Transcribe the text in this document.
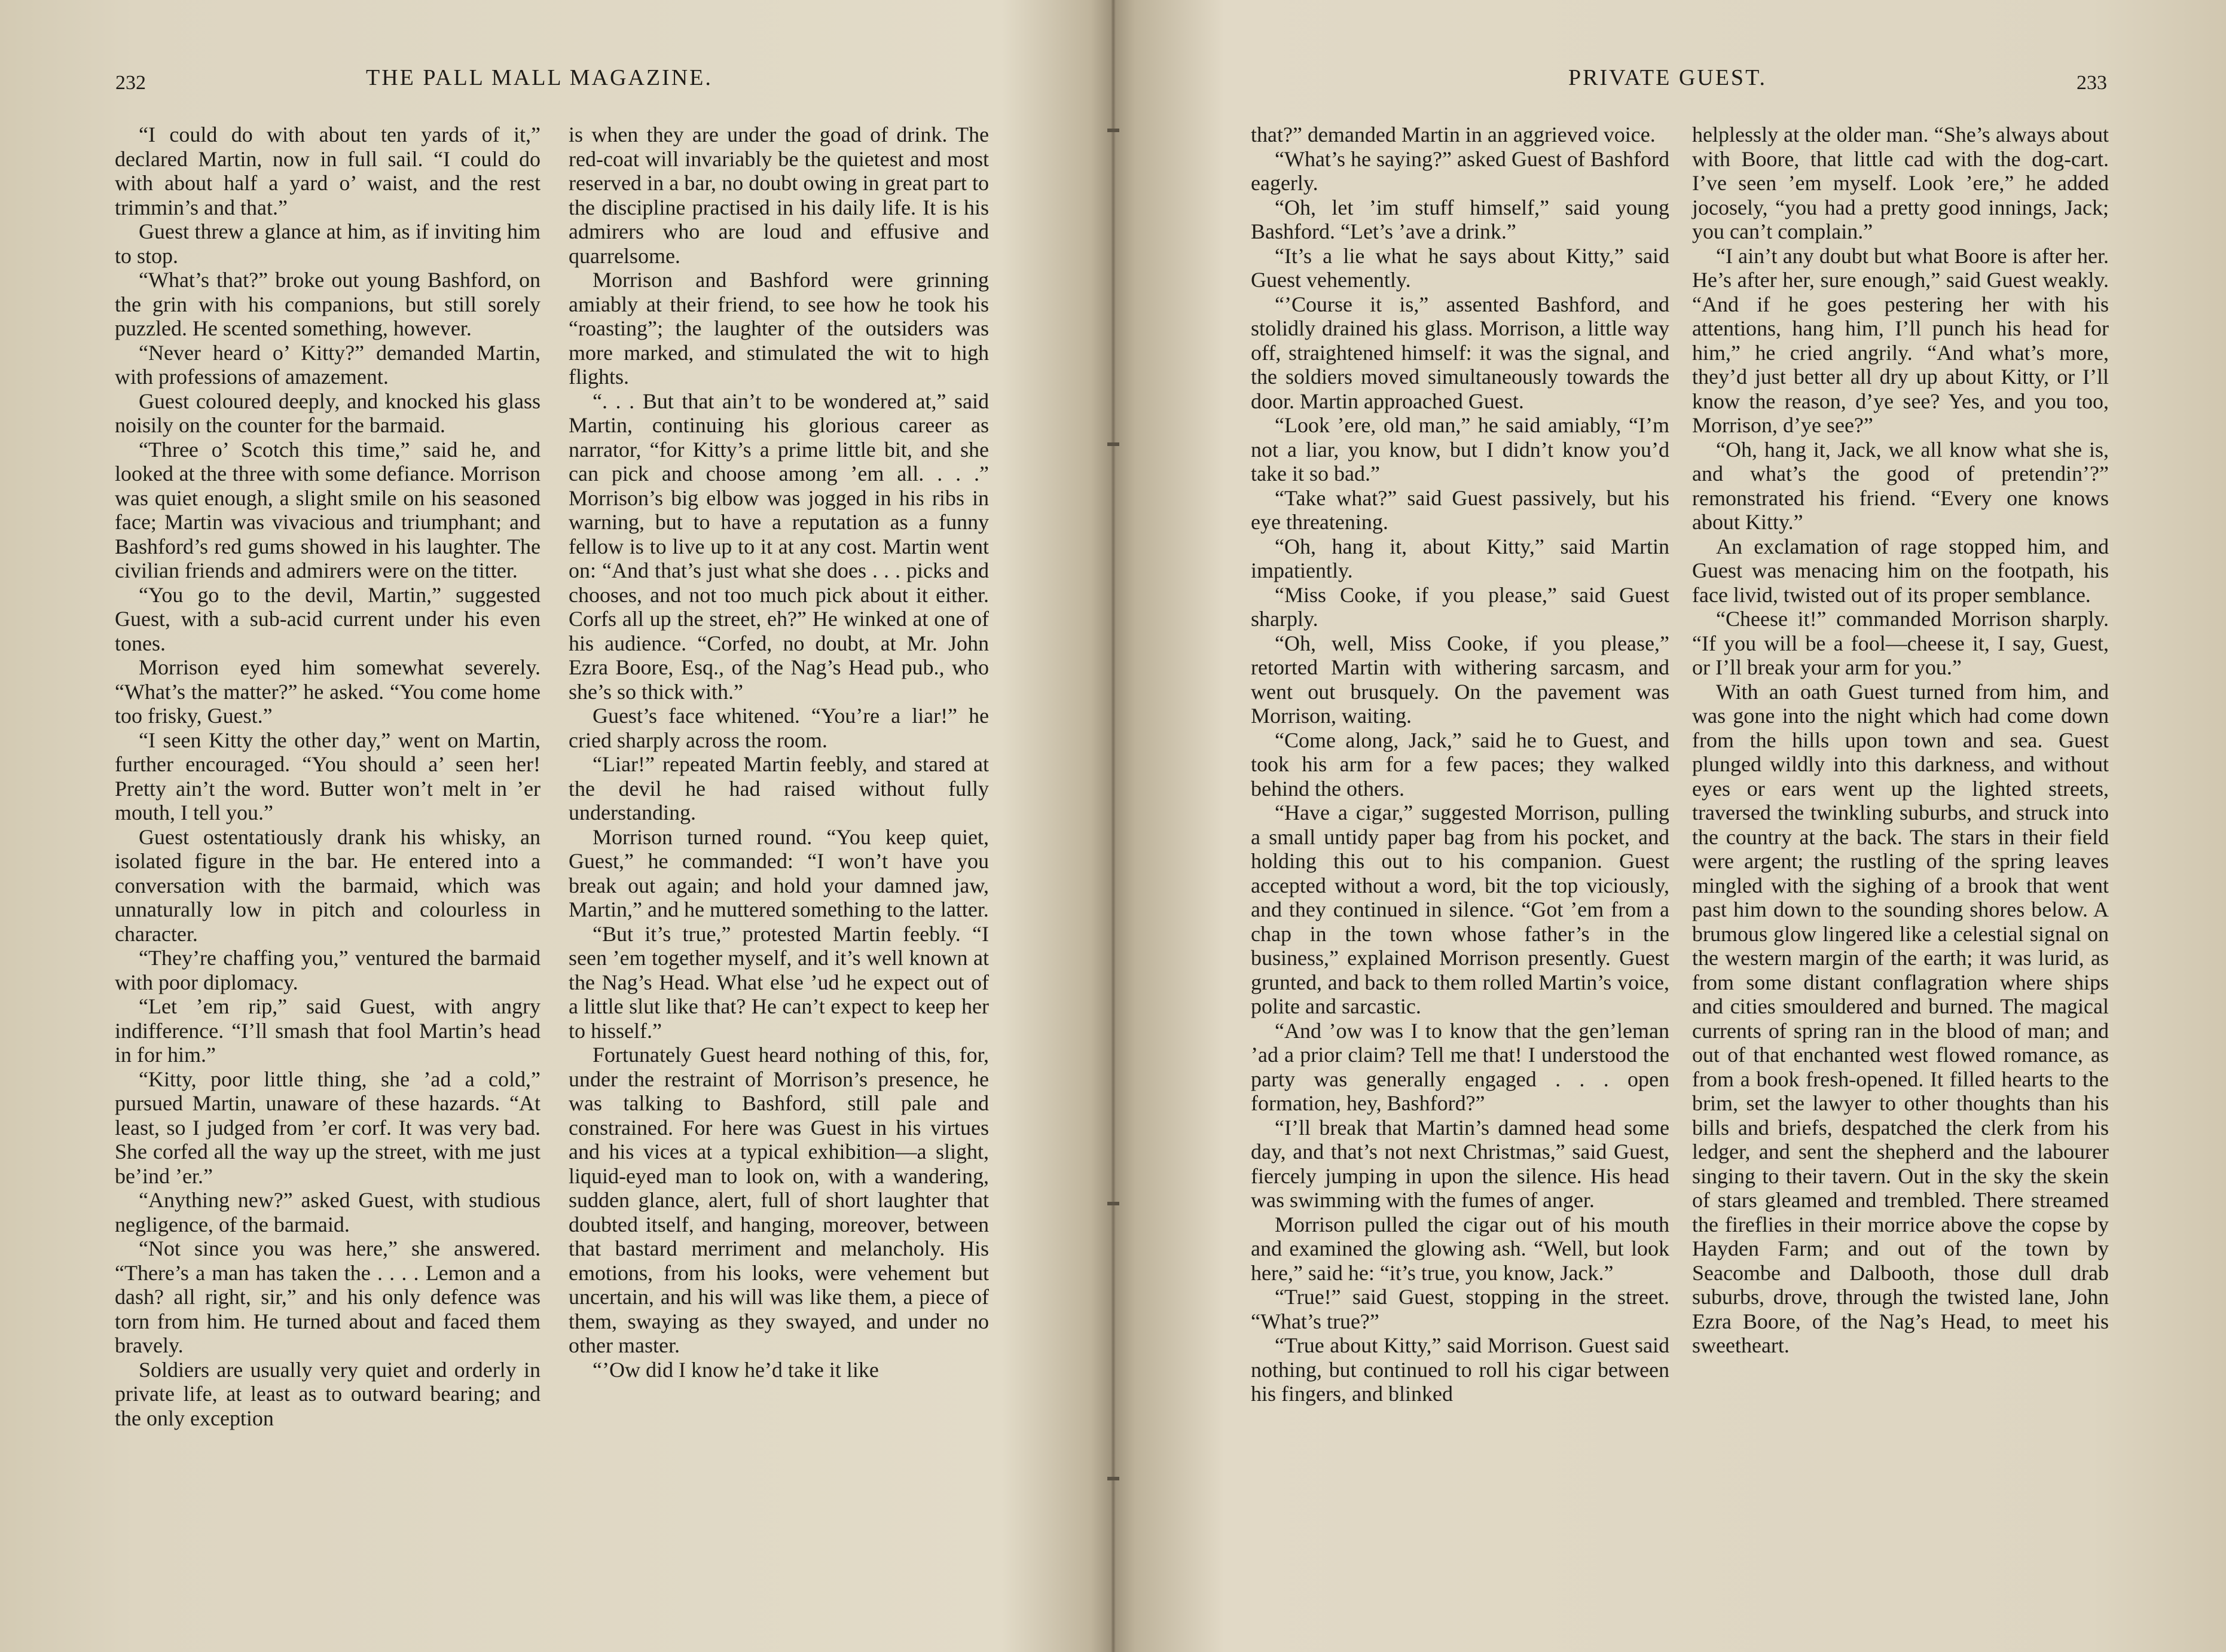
232	THE PALL MALL MAGAZINE.

“I could do with about ten yards of it,” declared Martin, now in full sail. “I could do with about half a yard o’ waist, and the rest trimmin’s and that.”

Guest threw a glance at him, as if inviting him to stop.

“What’s that?” broke out young Bashford, on the grin with his companions, but still sorely puzzled. He scented something, however.

“Never heard o’ Kitty?” demanded Martin, with professions of amazement.

Guest coloured deeply, and knocked his glass noisily on the counter for the barmaid.

“Three o’ Scotch this time,” said he, and looked at the three with some defiance. Morrison was quiet enough, a slight smile on his seasoned face; Martin was vivacious and triumphant; and Bashford’s red gums showed in his laughter. The civilian friends and admirers were on the titter.

“You go to the devil, Martin,” suggested Guest, with a sub-acid current under his even tones.

Morrison eyed him somewhat severely. “What’s the matter?” he asked. “You come home too frisky, Guest.”

“I seen Kitty the other day,” went on Martin, further encouraged. “You should a’ seen her! Pretty ain’t the word. Butter won’t melt in ’er mouth, I tell you.”

Guest ostentatiously drank his whisky, an isolated figure in the bar. He entered into a conversation with the barmaid, which was unnaturally low in pitch and colourless in character.

“They’re chaffing you,” ventured the barmaid with poor diplomacy.

“Let ’em rip,” said Guest, with angry indifference. “I’ll smash that fool Martin’s head in for him.”

“Kitty, poor little thing, she ’ad a cold,” pursued Martin, unaware of these hazards. “At least, so I judged from ’er corf. It was very bad. She corfed all the way up the street, with me just be’ind ’er.”

“Anything new?” asked Guest, with studious negligence, of the barmaid.

“Not since you was here,” she answered. “There’s a man has taken the . . . . Lemon and a dash? all right, sir,” and his only defence was torn from him. He turned about and faced them bravely.

Soldiers are usually very quiet and orderly in private life, at least as to outward bearing; and the only exception

is when they are under the goad of drink. The red-coat will invariably be the quietest and most reserved in a bar, no doubt owing in great part to the discipline practised in his daily life. It is his admirers who are loud and effusive and quarrelsome.

Morrison and Bashford were grinning amiably at their friend, to see how he took his “roasting”; the laughter of the outsiders was more marked, and stimulated the wit to high flights.

“. . . But that ain’t to be wondered at,” said Martin, continuing his glorious career as narrator, “for Kitty’s a prime little bit, and she can pick and choose among ’em all. . . .” Morrison’s big elbow was jogged in his ribs in warning, but to have a reputation as a funny fellow is to live up to it at any cost. Martin went on: “And that’s just what she does . . . picks and chooses, and not too much pick about it either. Corfs all up the street, eh?” He winked at one of his audience. “Corfed, no doubt, at Mr. John Ezra Boore, Esq., of the Nag’s Head pub., who she’s so thick with.”

Guest’s face whitened. “You’re a liar!” he cried sharply across the room.

“Liar!” repeated Martin feebly, and stared at the devil he had raised without fully understanding.

Morrison turned round. “You keep quiet, Guest,” he commanded: “I won’t have you break out again; and hold your damned jaw, Martin,” and he muttered something to the latter.

“But it’s true,” protested Martin feebly. “I seen ’em together myself, and it’s well known at the Nag’s Head. What else ’ud he expect out of a little slut like that? He can’t expect to keep her to hisself.”

Fortunately Guest heard nothing of this, for, under the restraint of Morrison’s presence, he was talking to Bashford, still pale and constrained. For here was Guest in his virtues and his vices at a typical exhibition—a slight, liquid-eyed man to look on, with a wandering, sudden glance, alert, full of short laughter that doubted itself, and hanging, moreover, between that bastard merriment and melancholy. His emotions, from his looks, were vehement but uncertain, and his will was like them, a piece of them, swaying as they swayed, and under no other master.

“’Ow did I know he’d take it like

233
PRIVATE GUEST.

that?” demanded Martin in an aggrieved voice.

“What’s he saying?” asked Guest of Bashford eagerly.

“Oh, let ’im stuff himself,” said young Bashford. “Let’s ’ave a drink.”

“It’s a lie what he says about Kitty,” said Guest vehemently.

“’Course it is,” assented Bashford, and stolidly drained his glass. Morrison, a little way off, straightened himself: it was the signal, and the soldiers moved simultaneously towards the door. Martin approached Guest.

“Look ’ere, old man,” he said amiably, “I’m not a liar, you know, but I didn’t know you’d take it so bad.”

“Take what?” said Guest passively, but his eye threatening.

“Oh, hang it, about Kitty,” said Martin impatiently.

“Miss Cooke, if you please,” said Guest sharply.

“Oh, well, Miss Cooke, if you please,” retorted Martin with withering sarcasm, and went out brusquely. On the pavement was Morrison, waiting.

“Come along, Jack,” said he to Guest, and took his arm for a few paces; they walked behind the others.

“Have a cigar,” suggested Morrison, pulling a small untidy paper bag from his pocket, and holding this out to his companion. Guest accepted without a word, bit the top viciously, and they continued in silence. “Got ’em from a chap in the town whose father’s in the business,” explained Morrison presently. Guest grunted, and back to them rolled Martin’s voice, polite and sarcastic.

“And ’ow was I to know that the gen’leman ’ad a prior claim? Tell me that! I understood the party was generally engaged . . . open formation, hey, Bashford?”

“I’ll break that Martin’s damned head some day, and that’s not next Christmas,” said Guest, fiercely jumping in upon the silence. His head was swimming with the fumes of anger.

Morrison pulled the cigar out of his mouth and examined the glowing ash. “Well, but look here,” said he: “it’s true, you know, Jack.”

“True!” said Guest, stopping in the street. “What’s true?”

“True about Kitty,” said Morrison. Guest said nothing, but continued to roll his cigar between his fingers, and blinked

helplessly at the older man. “She’s always about with Boore, that little cad with the dog-cart. I’ve seen ’em myself. Look ’ere,” he added jocosely, “you had a pretty good innings, Jack; you can’t complain.”

“I ain’t any doubt but what Boore is after her. He’s after her, sure enough,” said Guest weakly. “And if he goes pestering her with his attentions, hang him, I’ll punch his head for him,” he cried angrily. “And what’s more, they’d just better all dry up about Kitty, or I’ll know the reason, d’ye see? Yes, and you too, Morrison, d’ye see?”

“Oh, hang it, Jack, we all know what she is, and what’s the good of pretendin’?” remonstrated his friend. “Every one knows about Kitty.”

An exclamation of rage stopped him, and Guest was menacing him on the footpath, his face livid, twisted out of its proper semblance.

“Cheese it!” commanded Morrison sharply. “If you will be a fool—cheese it, I say, Guest, or I’ll break your arm for you.”

With an oath Guest turned from him, and was gone into the night which had come down from the hills upon town and sea. Guest plunged wildly into this darkness, and without eyes or ears went up the lighted streets, traversed the twinkling suburbs, and struck into the country at the back. The stars in their field were argent; the rustling of the spring leaves mingled with the sighing of a brook that went past him down to the sounding shores below. A brumous glow lingered like a celestial signal on the western margin of the earth; it was lurid, as from some distant conflagration where ships and cities smouldered and burned. The magical currents of spring ran in the blood of man; and out of that enchanted west flowed romance, as from a book fresh-opened. It filled hearts to the brim, set the lawyer to other thoughts than his bills and briefs, despatched the clerk from his ledger, and sent the shepherd and the labourer singing to their tavern. Out in the sky the skein of stars gleamed and trembled. There streamed the fireflies in their morrice above the copse by Hayden Farm; and out of the town by Seacombe and Dalbooth, those dull drab suburbs, drove, through the twisted lane, John Ezra Boore, of the Nag’s Head, to meet his sweetheart.
